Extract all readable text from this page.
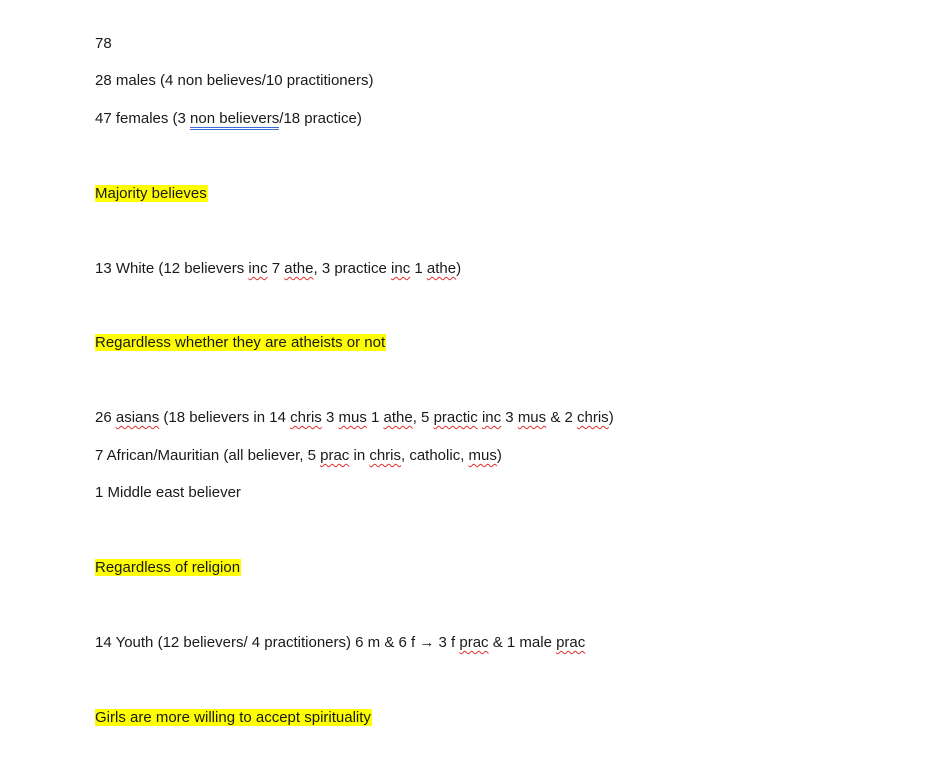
78
28 males (4 non believes/10 practitioners)
47 females (3 non believers/18 practice)
Majority believes
13 White (12 believers inc 7 athe, 3 practice inc 1 athe)
Regardless whether they are atheists or not
26 asians (18 believers in 14 chris 3 mus 1 athe, 5 practic inc 3 mus & 2 chris)
7 African/Mauritian (all believer, 5 prac in chris, catholic, mus)
1 Middle east believer
Regardless of religion
14 Youth (12 believers/ 4 practitioners) 6 m & 6 f → 3 f prac & 1 male prac
Girls are more willing to accept spirituality
